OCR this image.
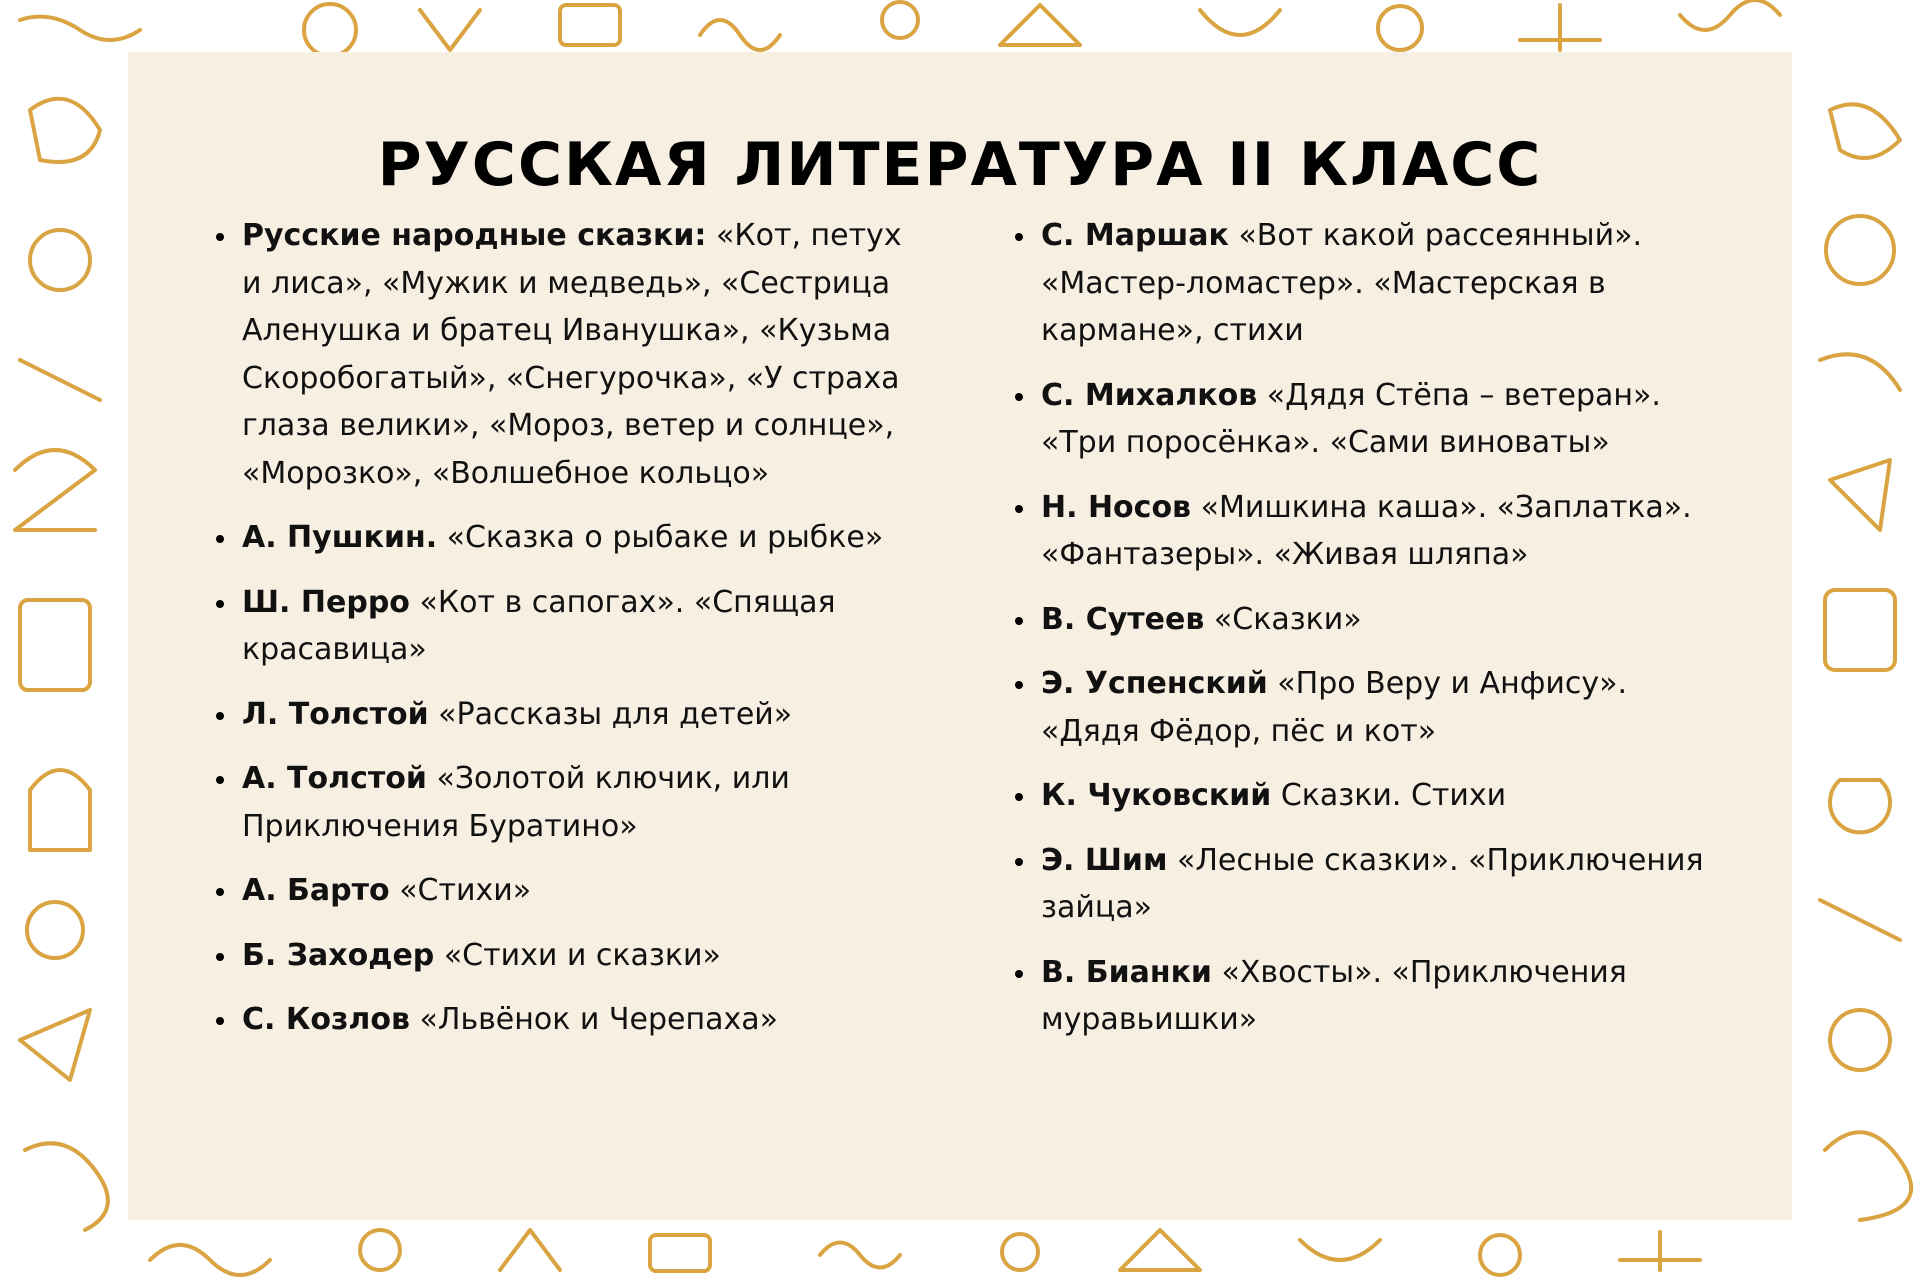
РУССКАЯ ЛИТЕРАТУРА II КЛАСС
Русские народные сказки: «Кот, петух и лиса», «Мужик и медведь», «Сестрица Аленушка и братец Иванушка», «Кузьма Скоробогатый», «Снегурочка», «У страха глаза велики», «Мороз, ветер и солнце», «Морозко», «Волшебное кольцо»
А. Пушкин. «Сказка о рыбаке и рыбке»
Ш. Перро «Кот в сапогах». «Спящая красавица»
Л. Толстой «Рассказы для детей»
А. Толстой «Золотой ключик, или Приключения Буратино»
А. Барто «Стихи»
Б. Заходер «Стихи и сказки»
С. Козлов «Львёнок и Черепаха»
С. Маршак «Вот какой рассеянный». «Мастер-ломастер». «Мастерская в кармане», стихи
С. Михалков «Дядя Стёпа – ветеран». «Три поросёнка». «Сами виноваты»
Н. Носов «Мишкина каша». «Заплатка». «Фантазеры». «Живая шляпа»
В. Сутеев «Сказки»
Э. Успенский «Про Веру и Анфису». «Дядя Фёдор, пёс и кот»
К. Чуковский Сказки. Стихи
Э. Шим «Лесные сказки». «Приключения зайца»
В. Бианки «Хвосты». «Приключения муравьишки»
